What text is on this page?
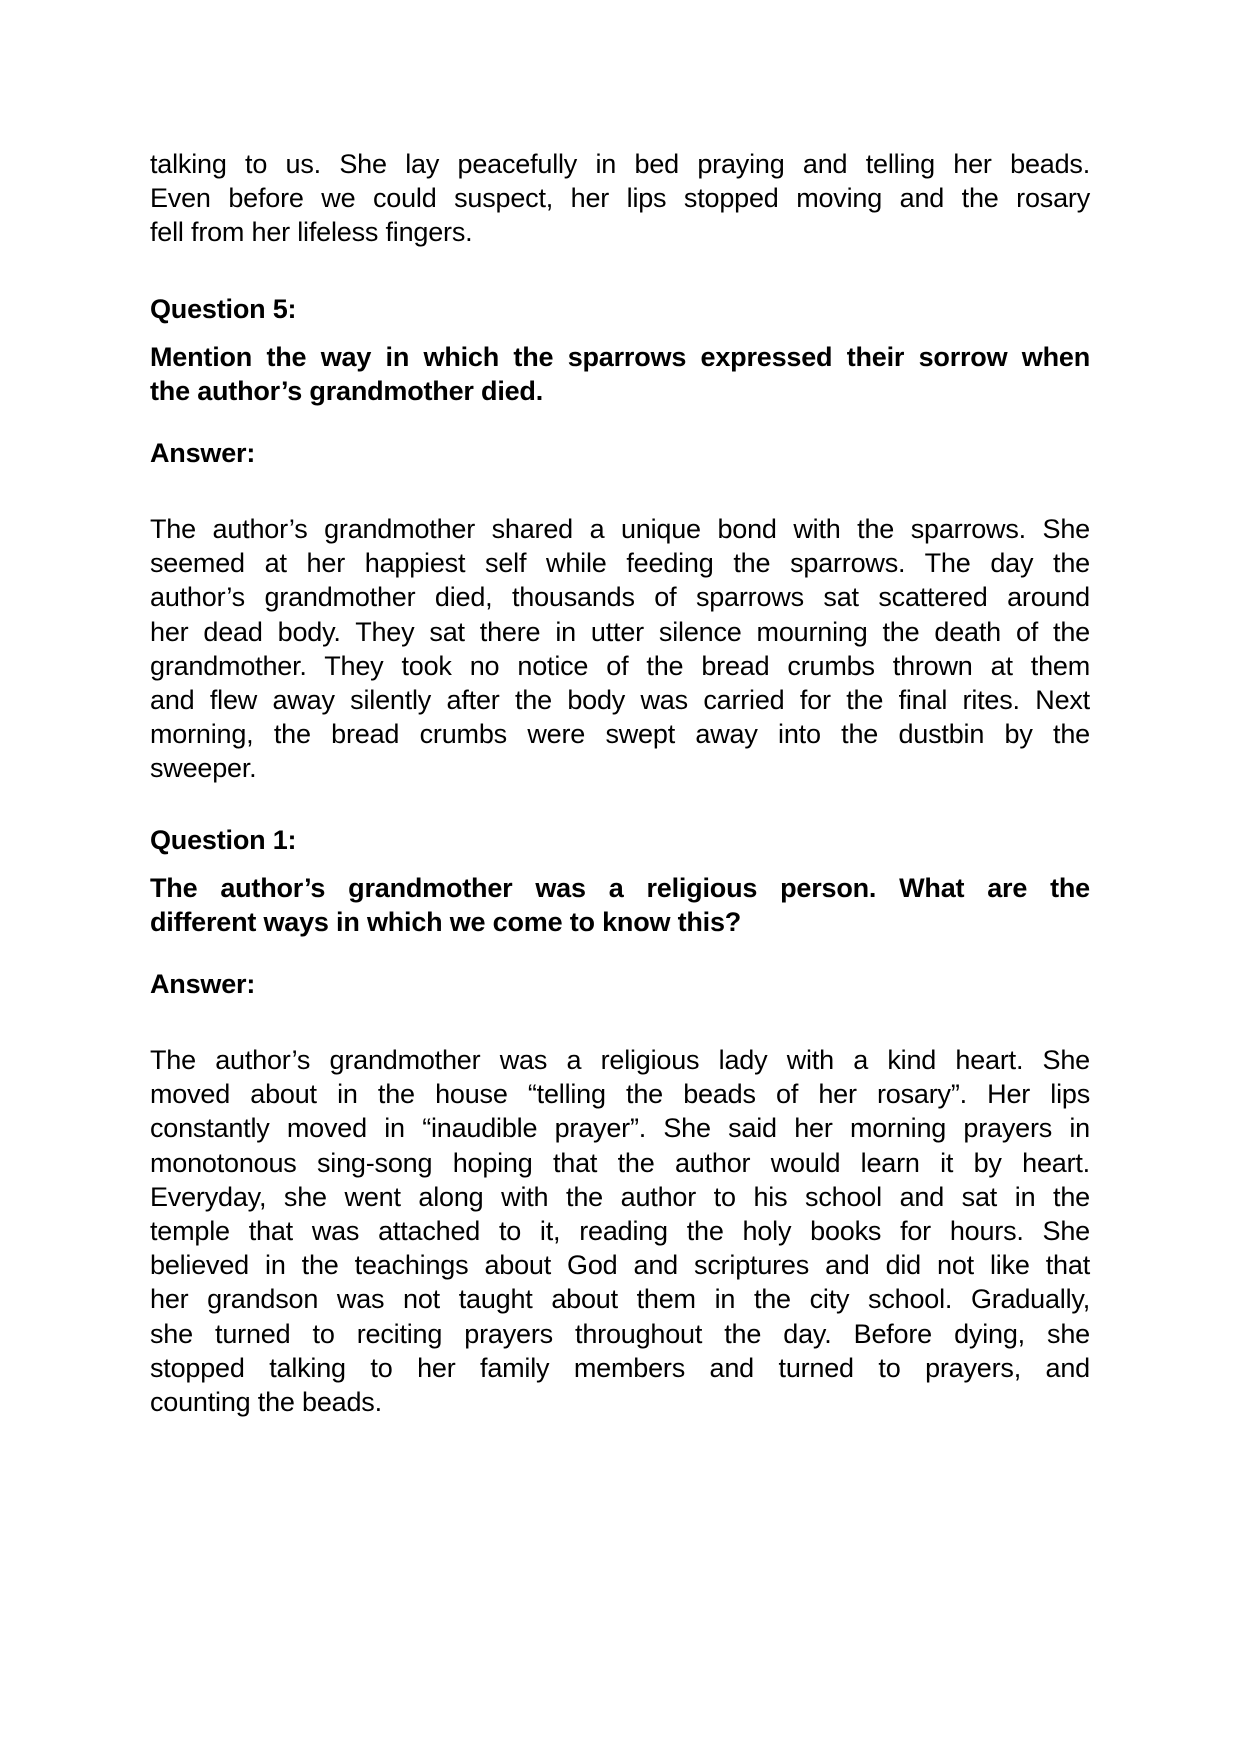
talking to us. She lay peacefully in bed praying and telling her beads.
Even before we could suspect, her lips stopped moving and the rosary
fell from her lifeless fingers.
Question 5:
Mention the way in which the sparrows expressed their sorrow when
the author’s grandmother died.
Answer:
The author’s grandmother shared a unique bond with the sparrows. She
seemed at her happiest self while feeding the sparrows. The day the
author’s grandmother died, thousands of sparrows sat scattered around
her dead body. They sat there in utter silence mourning the death of the
grandmother. They took no notice of the bread crumbs thrown at them
and flew away silently after the body was carried for the final rites. Next
morning, the bread crumbs were swept away into the dustbin by the
sweeper.
Question 1:
The author’s grandmother was a religious person. What are the
different ways in which we come to know this?
Answer:
The author’s grandmother was a religious lady with a kind heart. She
moved about in the house “telling the beads of her rosary”. Her lips
constantly moved in “inaudible prayer”. She said her morning prayers in
monotonous sing-song hoping that the author would learn it by heart.
Everyday, she went along with the author to his school and sat in the
temple that was attached to it, reading the holy books for hours. She
believed in the teachings about God and scriptures and did not like that
her grandson was not taught about them in the city school. Gradually,
she turned to reciting prayers throughout the day. Before dying, she
stopped talking to her family members and turned to prayers, and
counting the beads.
